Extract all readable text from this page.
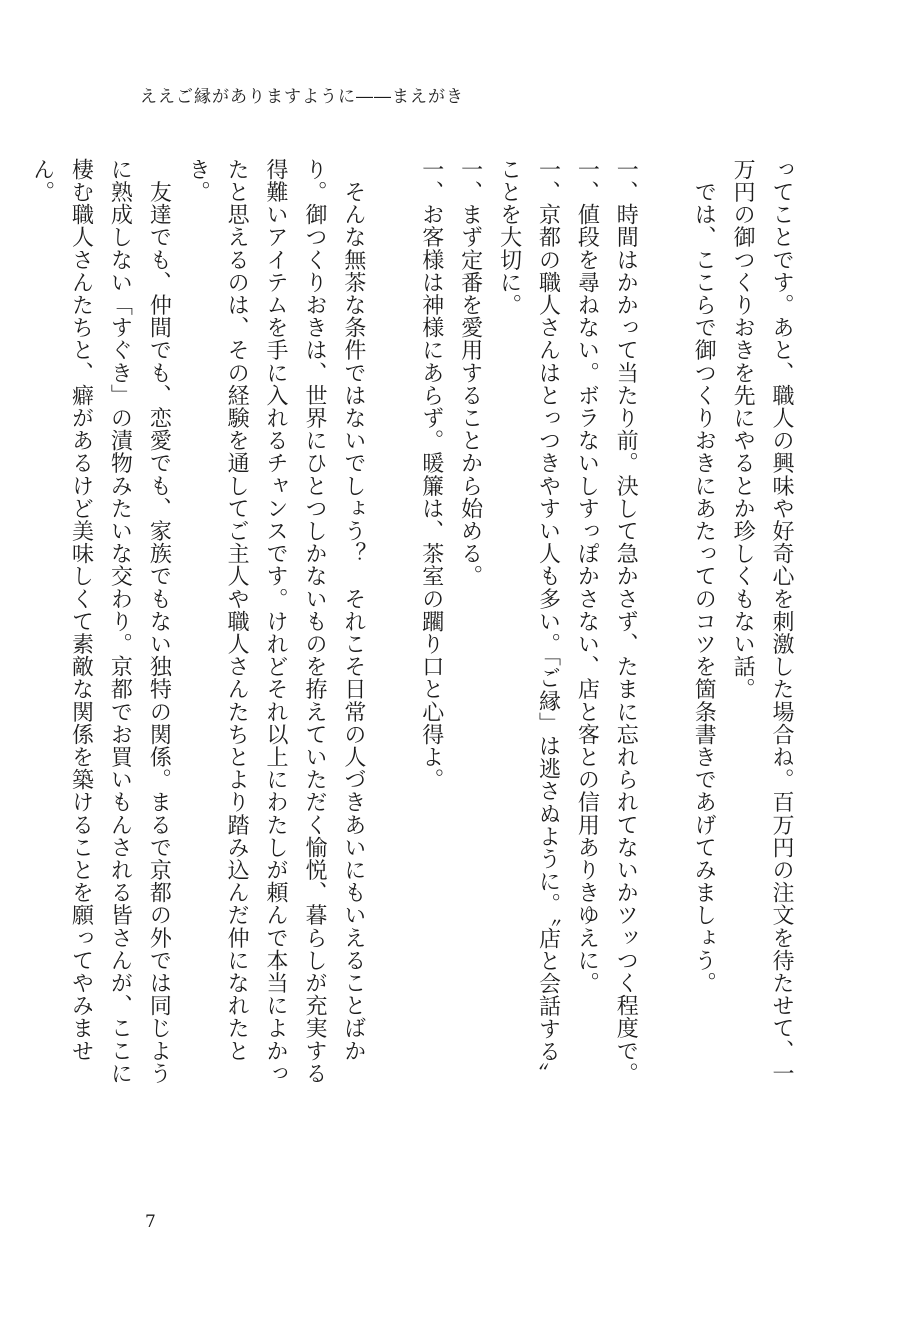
ええご縁がありますように――まえがき

ってことです。あと、職人の興味や好奇心を刺激した場合ね。百万円の注文を待たせて、一万円の御つくりおきを先にやるとか珍しくもない話。

　では、ここらで御つくりおきにあたってのコツを箇条書きであげてみましょう。

一、時間はかかって当たり前。決して急かさず、たまに忘れられてないかツッつく程度で。

一、値段を尋ねない。ボラないしすっぽかさない、店と客との信用ありきゆえに。

一、京都の職人さんはとっつきやすい人も多い。「ご縁」は逃さぬように。〝店と会話する〟ことを大切に。

一、まず定番を愛用することから始める。

一、お客様は神様にあらず。暖簾は、茶室の躙り口と心得よ。

　そんな無茶な条件ではないでしょう？　それこそ日常の人づきあいにもいえることばかり。御つくりおきは、世界にひとつしかないものを拵えていただく愉悦、暮らしが充実する得難いアイテムを手に入れるチャンスです。けれどそれ以上にわたしが頼んで本当によかったと思えるのは、その経験を通してご主人や職人さんたちとより踏み込んだ仲になれたとき。

　友達でも、仲間でも、恋愛でも、家族でもない独特の関係。まるで京都の外では同じように熟成しない「すぐき」の漬物みたいな交わり。京都でお買いもんされる皆さんが、ここに棲む職人さんたちと、癖があるけど美味しくて素敵な関係を築けることを願ってやみません。

7
